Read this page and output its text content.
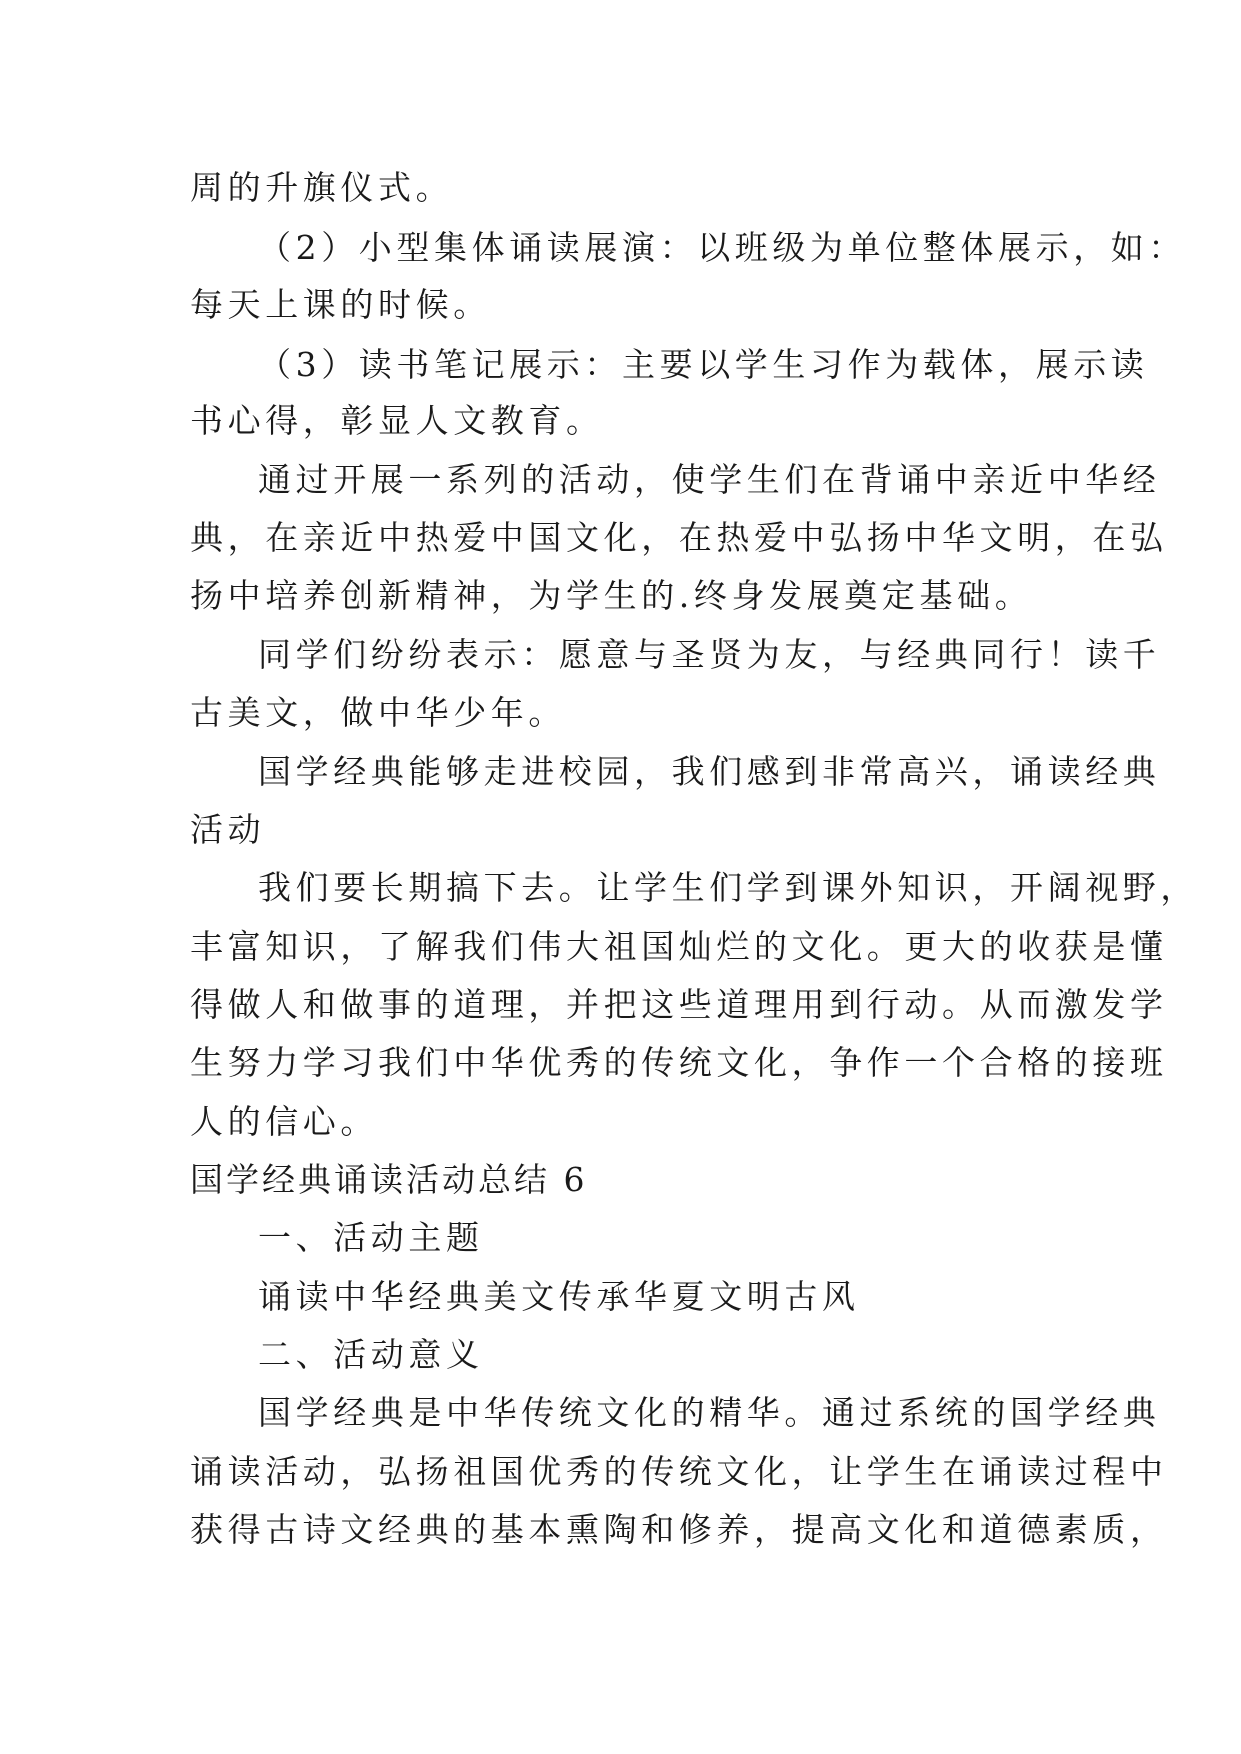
周的升旗仪式。
（2）小型集体诵读展演：以班级为单位整体展示，如：
每天上课的时候。
（3）读书笔记展示：主要以学生习作为载体，展示读
书心得，彰显人文教育。
通过开展一系列的活动，使学生们在背诵中亲近中华经
典，在亲近中热爱中国文化，在热爱中弘扬中华文明，在弘
扬中培养创新精神，为学生的.终身发展奠定基础。
同学们纷纷表示：愿意与圣贤为友，与经典同行！读千
古美文，做中华少年。
国学经典能够走进校园，我们感到非常高兴，诵读经典
活动
我们要长期搞下去。让学生们学到课外知识，开阔视野，
丰富知识，了解我们伟大祖国灿烂的文化。更大的收获是懂
得做人和做事的道理，并把这些道理用到行动。从而激发学
生努力学习我们中华优秀的传统文化，争作一个合格的接班
人的信心。
国学经典诵读活动总结 6
一、活动主题
诵读中华经典美文传承华夏文明古风
二、活动意义
国学经典是中华传统文化的精华。通过系统的国学经典
诵读活动，弘扬祖国优秀的传统文化，让学生在诵读过程中
获得古诗文经典的基本熏陶和修养，提高文化和道德素质，
